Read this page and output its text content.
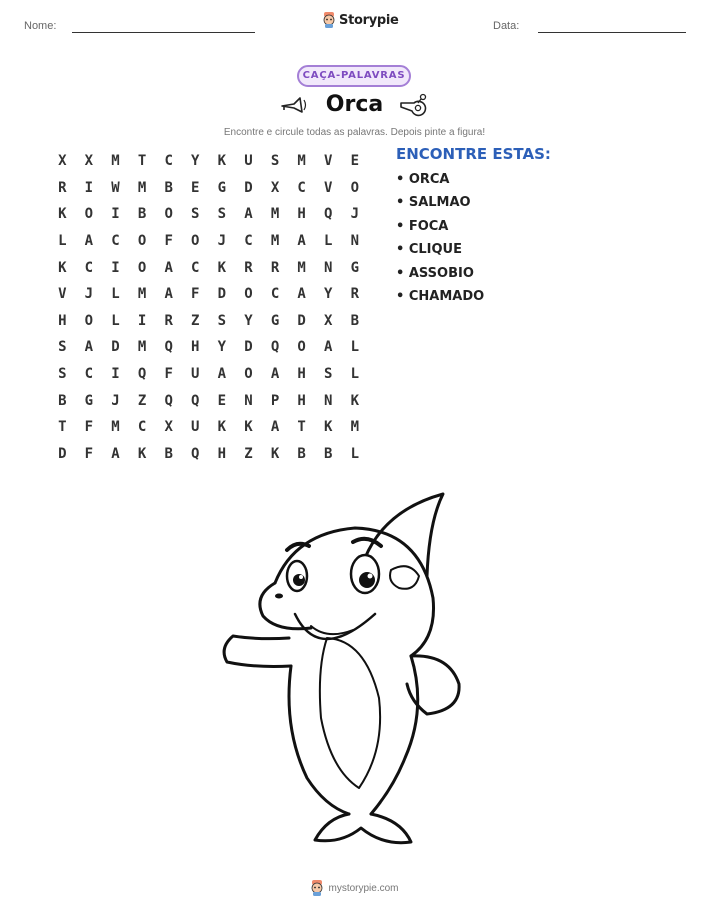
Nome:	Storypie	Data:
CAÇA-PALAVRAS
Orca
Encontre e circule todas as palavras. Depois pinte a figura!
X	X	M	T	C	Y	K	U	S	M	V	E
R	I	W	M	B	E	G	D	X	C	V	O
K	O	I	B	O	S	S	A	M	H	Q	J
L	A	C	O	F	O	J	C	M	A	L	N
K	C	I	O	A	C	K	R	R	M	N	G
V	J	L	M	A	F	D	O	C	A	Y	R
H	O	L	I	R	Z	S	Y	G	D	X	B
S	A	D	M	Q	H	Y	D	Q	O	A	L
S	C	I	Q	F	U	A	O	A	H	S	L
B	G	J	Z	Q	Q	E	N	P	H	N	K
T	F	M	C	X	U	K	K	A	T	K	M
D	F	A	K	B	Q	H	Z	K	B	B	L
ENCONTRE ESTAS:
• ORCA
• SALMAO
• FOCA
• CLIQUE
• ASSOBIO
• CHAMADO
mystorypie.com
